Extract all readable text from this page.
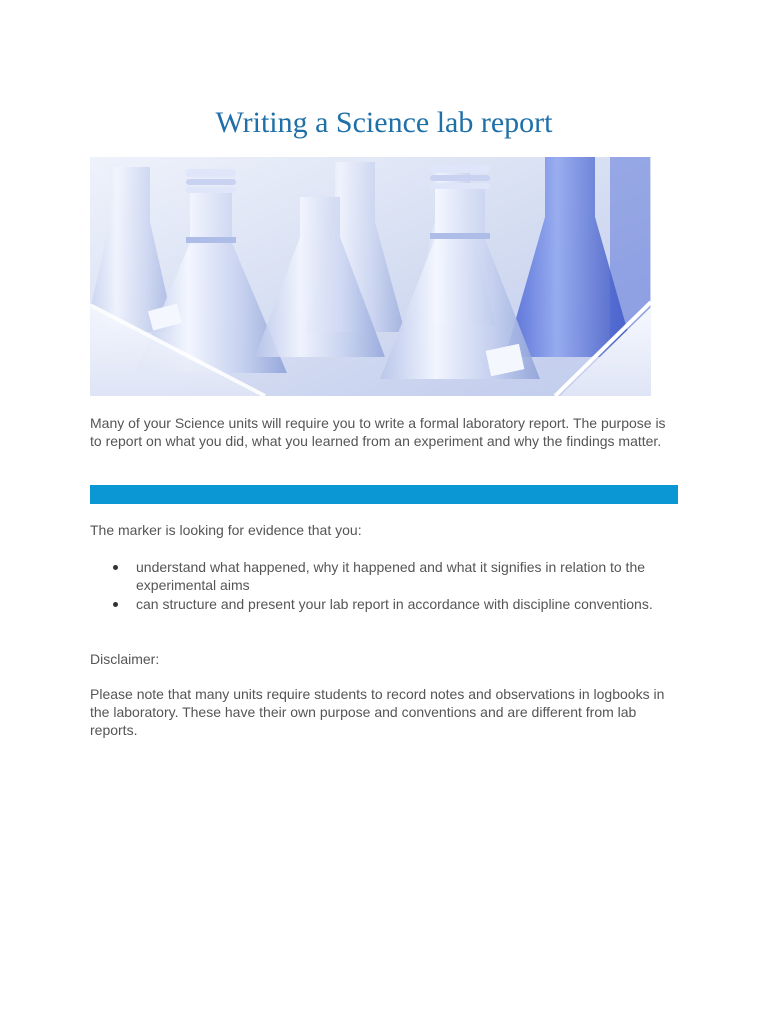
Writing a Science lab report

Many of your Science units will require you to write a formal laboratory report. The purpose is to report on what you did, what you learned from an experiment and why the findings matter.

The marker is looking for evidence that you:

understand what happened, why it happened and what it signifies in relation to the experimental aims
can structure and present your lab report in accordance with discipline conventions.

Disclaimer:

Please note that many units require students to record notes and observations in logbooks in the laboratory. These have their own purpose and conventions and are different from lab reports.
